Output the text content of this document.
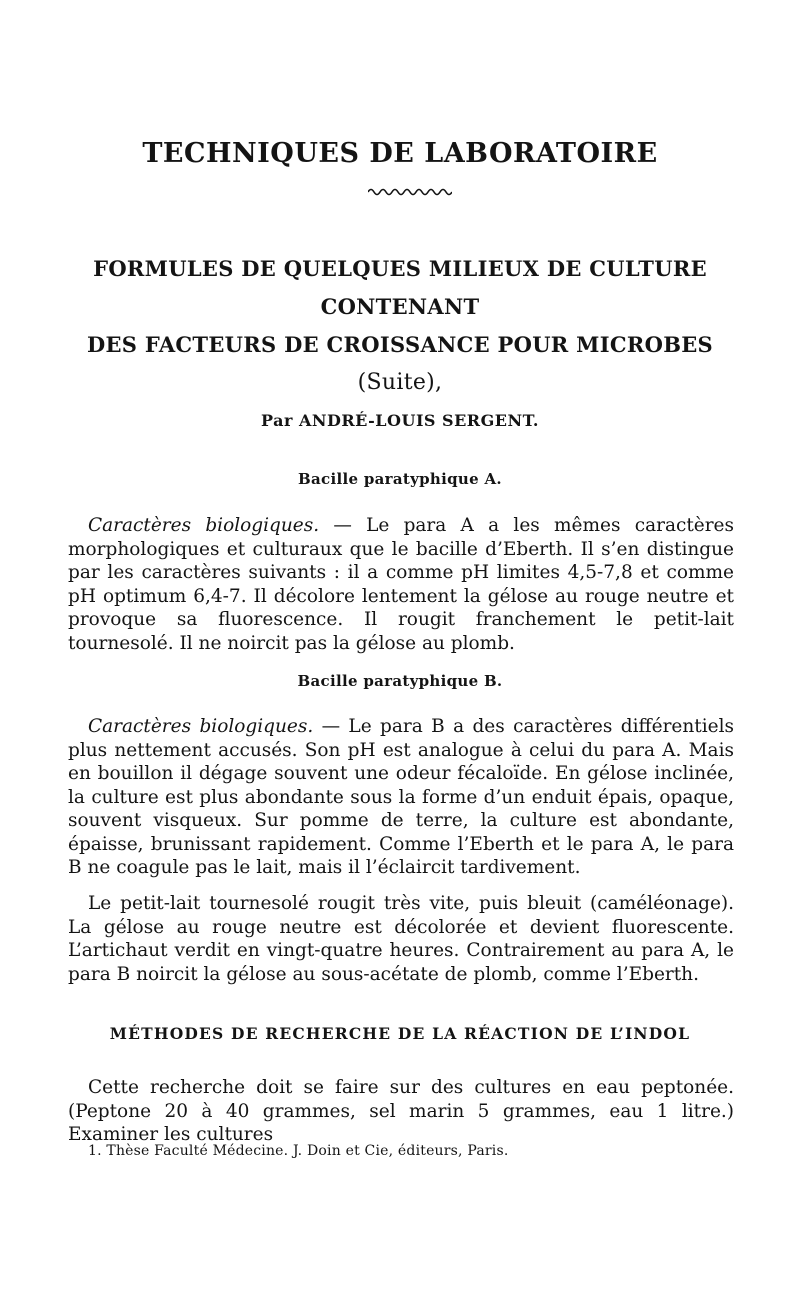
TECHNIQUES DE LABORATOIRE
FORMULES DE QUELQUES MILIEUX DE CULTURE
CONTENANT
DES FACTEURS DE CROISSANCE POUR MICROBES
(Suite),
Par ANDRÉ-LOUIS SERGENT.
Bacille paratyphique A.
Caractères biologiques. — Le para A a les mêmes caractères morphologiques et culturaux que le bacille d’Eberth. Il s’en distingue par les caractères suivants : il a comme pH limites 4,5-7,8 et comme pH optimum 6,4-7. Il décolore lentement la gélose au rouge neutre et provoque sa fluorescence. Il rougit franchement le petit-lait tournesolé. Il ne noircit pas la gélose au plomb.
Bacille paratyphique B.
Caractères biologiques. — Le para B a des caractères différentiels plus nettement accusés. Son pH est analogue à celui du para A. Mais en bouillon il dégage souvent une odeur fécaloïde. En gélose inclinée, la culture est plus abondante sous la forme d’un enduit épais, opaque, souvent visqueux. Sur pomme de terre, la culture est abondante, épaisse, brunissant rapidement. Comme l’Eberth et le para A, le para B ne coagule pas le lait, mais il l’éclaircit tardivement.
Le petit-lait tournesolé rougit très vite, puis bleuit (caméléonage). La gélose au rouge neutre est décolorée et devient fluorescente. L’artichaut verdit en vingt-quatre heures. Contrairement au para A, le para B noircit la gélose au sous-acétate de plomb, comme l’Eberth.
MÉTHODES DE RECHERCHE DE LA RÉACTION DE L’INDOL
Cette recherche doit se faire sur des cultures en eau peptonée. (Peptone 20 à 40 grammes, sel marin 5 grammes, eau 1 litre.) Examiner les cultures
1. Thèse Faculté Médecine. J. Doin et Cie, éditeurs, Paris.
